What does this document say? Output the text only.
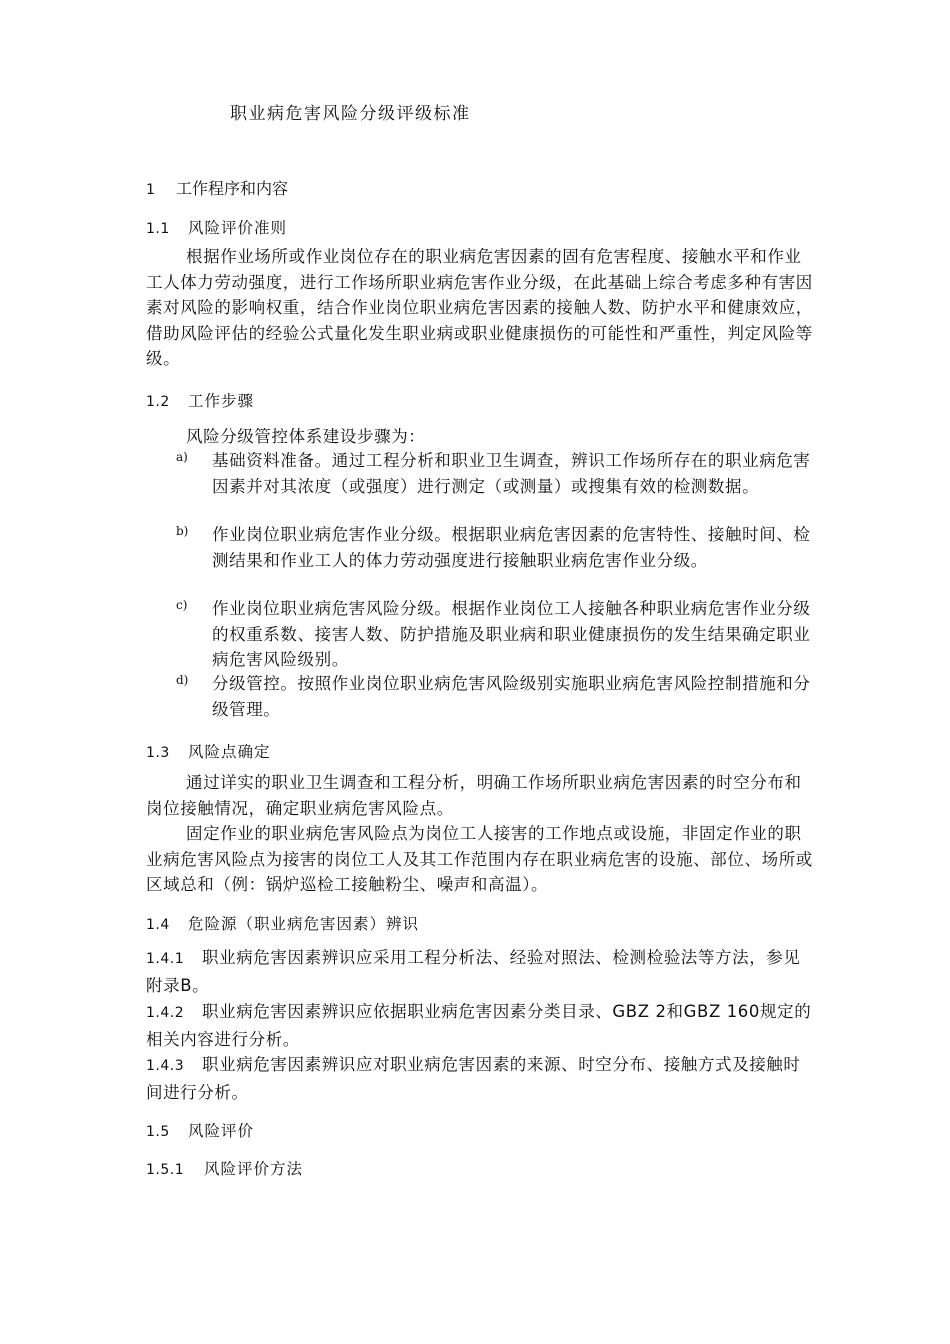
职业病危害风险分级评级标准
1 工作程序和内容
1.1 风险评价准则

根据作业场所或作业岗位存在的职业病危害因素的固有危害程度、接触水平和作业工人体力劳动强度，进行工作场所职业病危害作业分级，在此基础上综合考虑多种有害因素对风险的影响权重，结合作业岗位职业病危害因素的接触人数、防护水平和健康效应，借助风险评估的经验公式量化发生职业病或职业健康损伤的可能性和严重性，判定风险等级。

1.2 工作步骤
风险分级管控体系建设步骤为：
a) 基础资料准备。通过工程分析和职业卫生调查，辨识工作场所存在的职业病危害因素并对其浓度（或强度）进行测定（或测量）或搜集有效的检测数据。
b) 作业岗位职业病危害作业分级。根据职业病危害因素的危害特性、接触时间、检测结果和作业工人的体力劳动强度进行接触职业病危害作业分级。
c) 作业岗位职业病危害风险分级。根据作业岗位工人接触各种职业病危害作业分级的权重系数、接害人数、防护措施及职业病和职业健康损伤的发生结果确定职业病危害风险级别。
d) 分级管控。按照作业岗位职业病危害风险级别实施职业病危害风险控制措施和分级管理。
1.3 风险点确定

通过详实的职业卫生调查和工程分析，明确工作场所职业病危害因素的时空分布和岗位接触情况，确定职业病危害风险点。

固定作业的职业病危害风险点为岗位工人接害的工作地点或设施，非固定作业的职业病危害风险点为接害的岗位工人及其工作范围内存在职业病危害的设施、部位、场所或区域总和（例：锅炉巡检工接触粉尘、噪声和高温）。

1.4 危险源（职业病危害因素）辨识

1.4.1 职业病危害因素辨识应采用工程分析法、经验对照法、检测检验法等方法，参见附录B。

1.4.2 职业病危害因素辨识应依据职业病危害因素分类目录、GBZ 2和GBZ 160规定的相关内容进行分析。

1.4.3 职业病危害因素辨识应对职业病危害因素的来源、时空分布、接触方式及接触时间进行分析。

1.5 风险评价
1.5.1 风险评价方法
